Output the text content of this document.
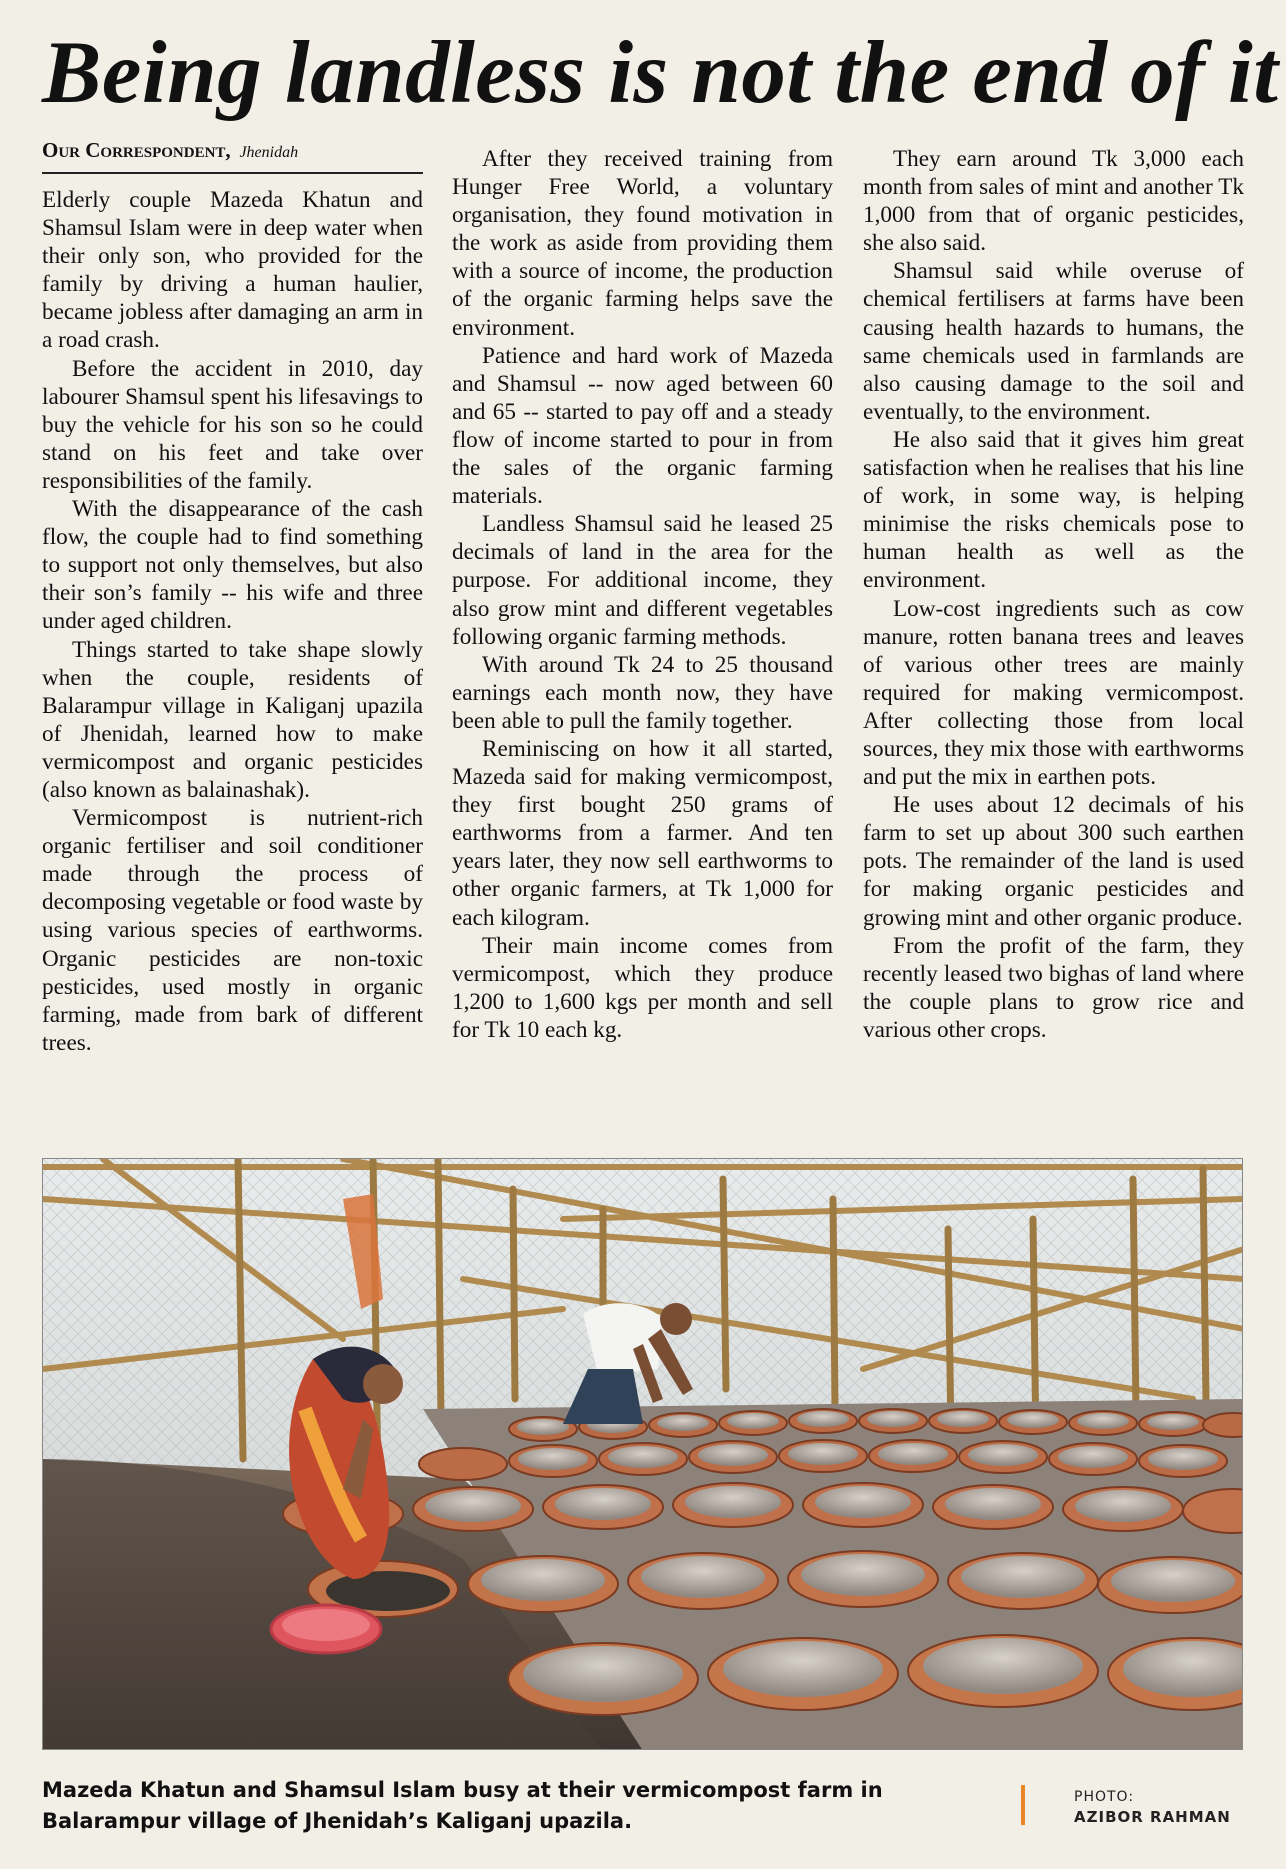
Being landless is not the end of it
Our Correspondent, Jhenidah

Elderly couple Mazeda Khatun and Shamsul Islam were in deep water when their only son, who provided for the family by driving a human haulier, became jobless after damaging an arm in a road crash.

Before the accident in 2010, day labourer Shamsul spent his lifesavings to buy the vehicle for his son so he could stand on his feet and take over responsibilities of the family.

With the disappearance of the cash flow, the couple had to find something to support not only themselves, but also their son’s family -- his wife and three under aged children.

Things started to take shape slowly when the couple, residents of Balarampur village in Kaliganj upazila of Jhenidah, learned how to make vermicompost and organic pesticides (also known as balainashak).

Vermicompost is nutrient-rich organic fertiliser and soil conditioner made through the process of decomposing vegetable or food waste by using various species of earthworms. Organic pesticides are non-toxic pesticides, used mostly in organic farming, made from bark of different trees.

After they received training from Hunger Free World, a voluntary organisation, they found motivation in the work as aside from providing them with a source of income, the production of the organic farming helps save the environment.

Patience and hard work of Mazeda and Shamsul -- now aged between 60 and 65 -- started to pay off and a steady flow of income started to pour in from the sales of the organic farming materials.

Landless Shamsul said he leased 25 decimals of land in the area for the purpose. For additional income, they also grow mint and different vegetables following organic farming methods.

With around Tk 24 to 25 thousand earnings each month now, they have been able to pull the family together.

Reminiscing on how it all started, Mazeda said for making vermicompost, they first bought 250 grams of earthworms from a farmer. And ten years later, they now sell earthworms to other organic farmers, at Tk 1,000 for each kilogram.

Their main income comes from vermicompost, which they produce 1,200 to 1,600 kgs per month and sell for Tk 10 each kg.

They earn around Tk 3,000 each month from sales of mint and another Tk 1,000 from that of organic pesticides, she also said.

Shamsul said while overuse of chemical fertilisers at farms have been causing health hazards to humans, the same chemicals used in farmlands are also causing damage to the soil and eventually, to the environment.

He also said that it gives him great satisfaction when he realises that his line of work, in some way, is helping minimise the risks chemicals pose to human health as well as the environment.

Low-cost ingredients such as cow manure, rotten banana trees and leaves of various other trees are mainly required for making vermicompost. After collecting those from local sources, they mix those with earthworms and put the mix in earthen pots.

He uses about 12 decimals of his farm to set up about 300 such earthen pots. The remainder of the land is used for making organic pesticides and growing mint and other organic produce.

From the profit of the farm, they recently leased two bighas of land where the couple plans to grow rice and various other crops.

Mazeda Khatun and Shamsul Islam busy at their vermicompost farm in Balarampur village of Jhenidah’s Kaliganj upazila.
PHOTO:
AZIBOR RAHMAN
